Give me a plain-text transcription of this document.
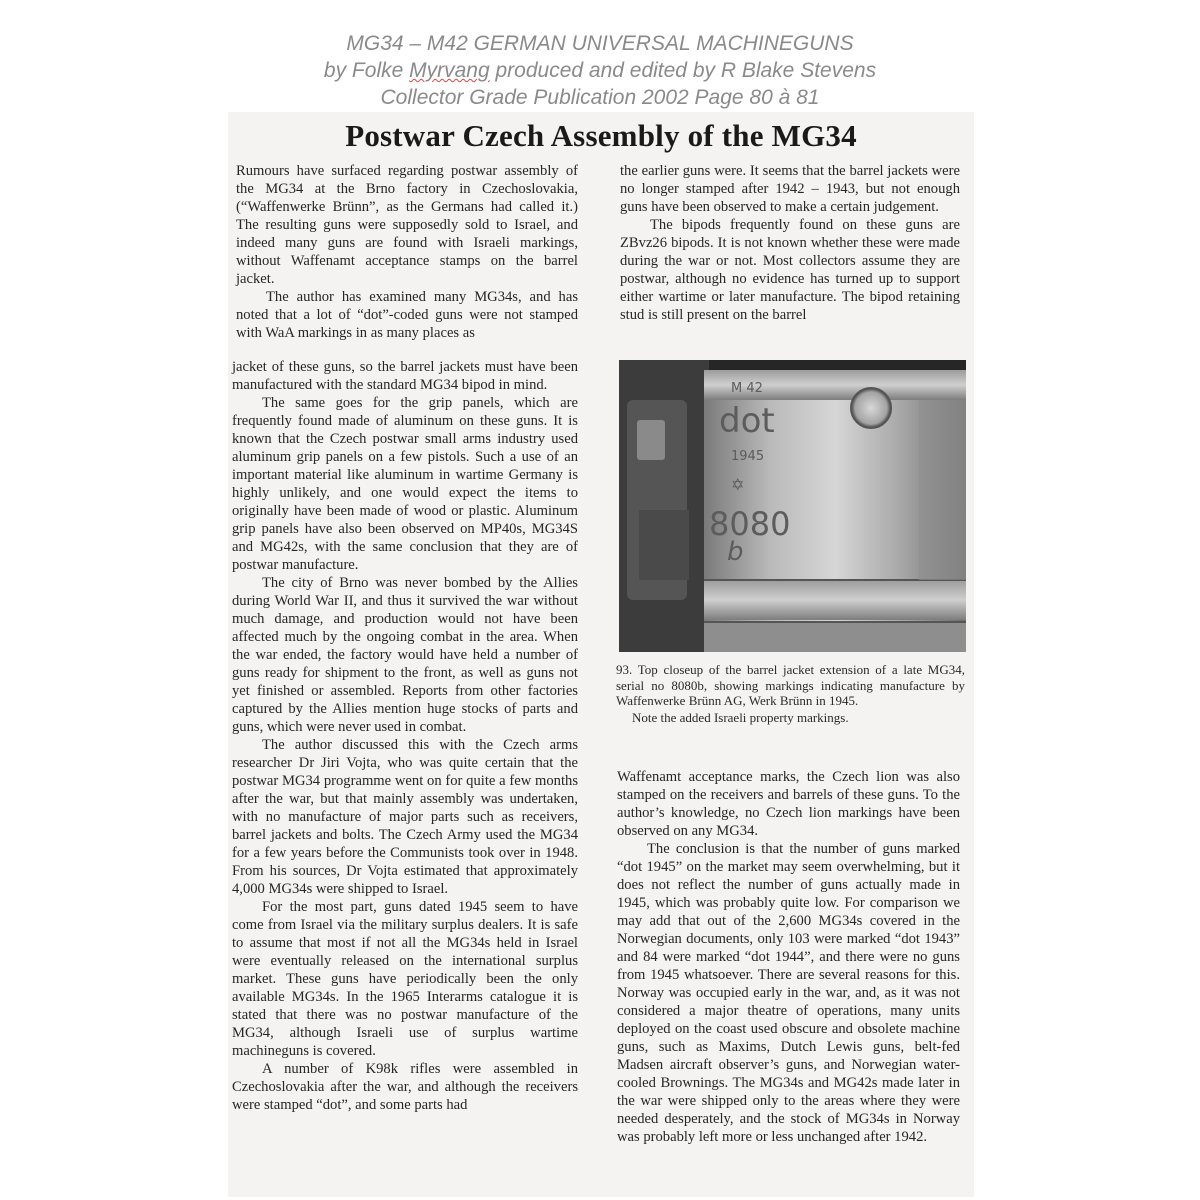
MG34 – M42 GERMAN UNIVERSAL MACHINEGUNS
by Folke Myrvang produced and edited by R Blake Stevens
Collector Grade Publication 2002 Page 80 à 81
Postwar Czech Assembly of the MG34

Rumours have surfaced regarding postwar assembly of the MG34 at the Brno factory in Czechoslovakia, (“Waffenwerke Brünn”, as the Germans had called it.) The resulting guns were supposedly sold to Israel, and indeed many guns are found with Israeli markings, without Waffenamt acceptance stamps on the barrel jacket.

The author has examined many MG34s, and has noted that a lot of “dot”-coded guns were not stamped with WaA markings in as many places as

the earlier guns were. It seems that the barrel jackets were no longer stamped after 1942 – 1943, but not enough guns have been observed to make a certain judgement.

The bipods frequently found on these guns are ZBvz26 bipods. It is not known whether these were made during the war or not. Most collectors assume they are postwar, although no evidence has turned up to support either wartime or later manufacture. The bipod retaining stud is still present on the barrel

jacket of these guns, so the barrel jackets must have been manufactured with the standard MG34 bipod in mind.

The same goes for the grip panels, which are frequently found made of aluminum on these guns. It is known that the Czech postwar small arms industry used aluminum grip panels on a few pistols. Such a use of an important material like aluminum in wartime Germany is highly unlikely, and one would expect the items to originally have been made of wood or plastic. Aluminum grip panels have also been observed on MP40s, MG34S and MG42s, with the same conclusion that they are of postwar manufacture.

The city of Brno was never bombed by the Allies during World War II, and thus it survived the war without much damage, and production would not have been affected much by the ongoing combat in the area. When the war ended, the factory would have held a number of guns ready for shipment to the front, as well as guns not yet finished or assembled. Reports from other factories captured by the Allies mention huge stocks of parts and guns, which were never used in combat.

The author discussed this with the Czech arms researcher Dr Jiri Vojta, who was quite certain that the postwar MG34 programme went on for quite a few months after the war, but that mainly assembly was undertaken, with no manufacture of major parts such as receivers, barrel jackets and bolts. The Czech Army used the MG34 for a few years before the Communists took over in 1948. From his sources, Dr Vojta estimated that approximately 4,000 MG34s were shipped to Israel.

For the most part, guns dated 1945 seem to have come from Israel via the military surplus dealers. It is safe to assume that most if not all the MG34s held in Israel were eventually released on the international surplus market. These guns have periodically been the only available MG34s. In the 1965 Interarms catalogue it is stated that there was no postwar manufacture of the MG34, although Israeli use of surplus wartime machineguns is covered.

A number of K98k rifles were assembled in Czechoslovakia after the war, and although the receivers were stamped “dot”, and some parts had

M 42
dot
1945
✡
8080
b

93. Top closeup of the barrel jacket extension of a late MG34, serial no 8080b, showing markings indicating manufacture by Waffenwerke Brünn AG, Werk Brünn in 1945.

Note the added Israeli property markings.

Waffenamt acceptance marks, the Czech lion was also stamped on the receivers and barrels of these guns. To the author’s knowledge, no Czech lion markings have been observed on any MG34.

The conclusion is that the number of guns marked “dot 1945” on the market may seem overwhelming, but it does not reflect the number of guns actually made in 1945, which was probably quite low. For comparison we may add that out of the 2,600 MG34s covered in the Norwegian documents, only 103 were marked “dot 1943” and 84 were marked “dot 1944”, and there were no guns from 1945 whatsoever. There are several reasons for this. Norway was occupied early in the war, and, as it was not considered a major theatre of operations, many units deployed on the coast used obscure and obsolete machine guns, such as Maxims, Dutch Lewis guns, belt-fed Madsen aircraft observer’s guns, and Norwegian water-cooled Brownings. The MG34s and MG42s made later in the war were shipped only to the areas where they were needed desperately, and the stock of MG34s in Norway was probably left more or less unchanged after 1942.
